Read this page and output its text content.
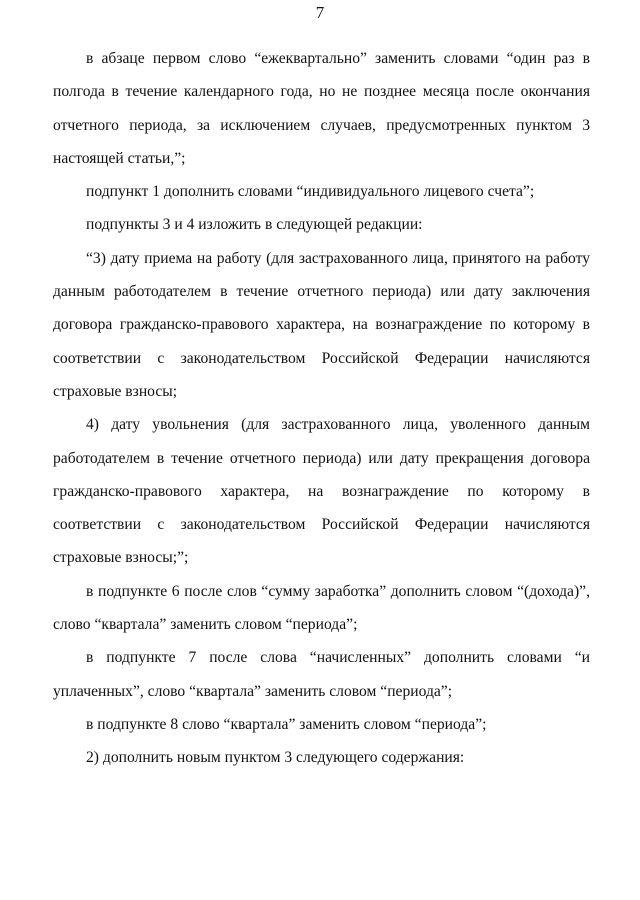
7

в абзаце первом слово “ежеквартально” заменить словами “один раз в полгода в течение календарного года, но не позднее месяца после окончания отчетного периода, за исключением случаев, предусмотренных пунктом 3 настоящей статьи,”;

подпункт 1 дополнить словами “индивидуального лицевого счета”;

подпункты 3 и 4 изложить в следующей редакции:

“3) дату приема на работу (для застрахованного лица, принятого на работу данным работодателем в течение отчетного периода) или дату заключения договора гражданско-правового характера, на вознаграждение по которому в соответствии с законодательством Российской Федерации начисляются страховые взносы;

4) дату увольнения (для застрахованного лица, уволенного данным работодателем в течение отчетного периода) или дату прекращения договора гражданско-правового характера, на вознаграждение по которому в соответствии с законодательством Российской Федерации начисляются страховые взносы;”;

в подпункте 6 после слов “сумму заработка” дополнить словом “(дохода)”, слово “квартала” заменить словом “периода”;

в подпункте 7 после слова “начисленных” дополнить словами “и уплаченных”, слово “квартала” заменить словом “периода”;

в подпункте 8 слово “квартала” заменить словом “периода”;

2) дополнить новым пунктом 3 следующего содержания:
